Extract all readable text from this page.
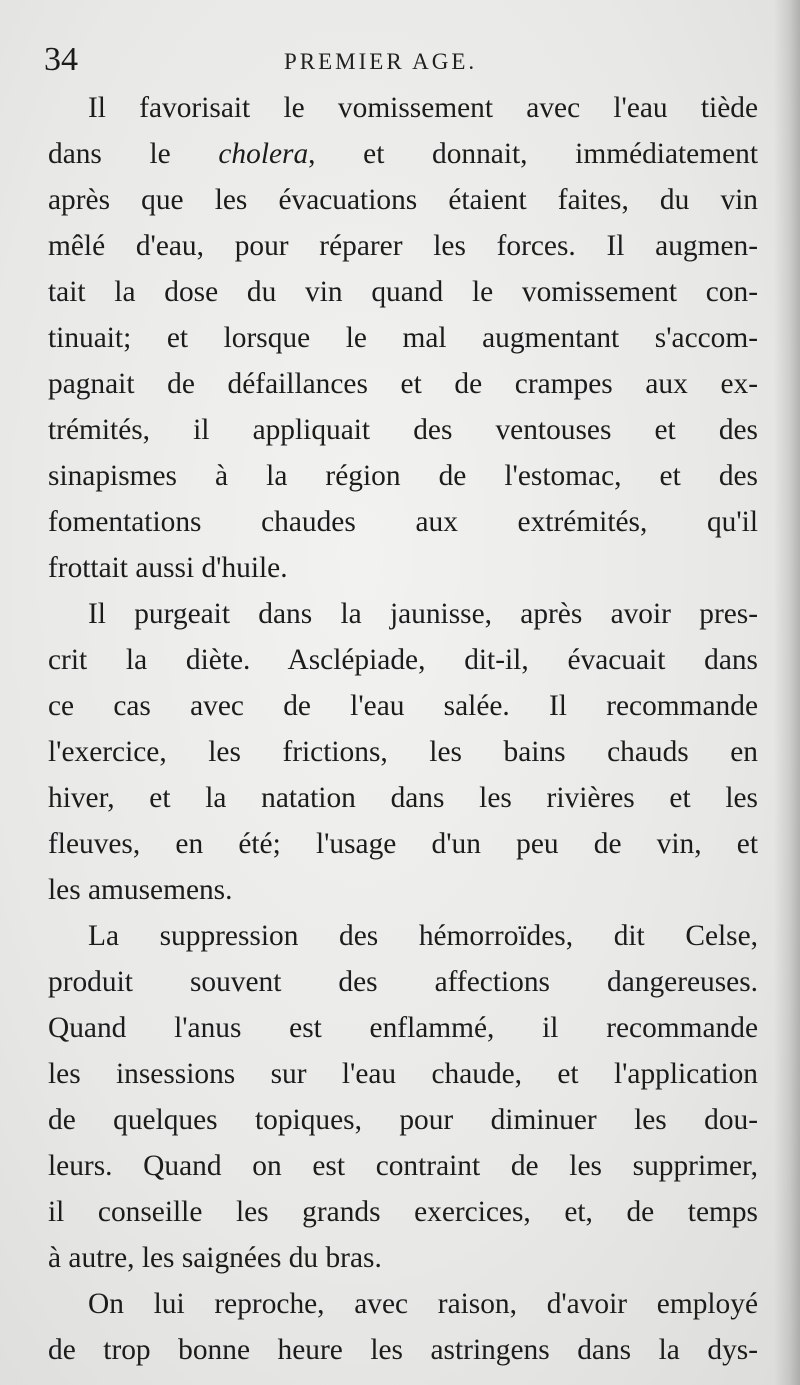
34	PREMIER AGE.
Il favorisait le vomissement avec l'eau tiède
dans le cholera, et donnait, immédiatement
après que les évacuations étaient faites, du vin
mêlé d'eau, pour réparer les forces. Il augmen-
tait la dose du vin quand le vomissement con-
tinuait; et lorsque le mal augmentant s'accom-
pagnait de défaillances et de crampes aux ex-
trémités, il appliquait des ventouses et des
sinapismes à la région de l'estomac, et des
fomentations chaudes aux extrémités, qu'il
frottait aussi d'huile.
Il purgeait dans la jaunisse, après avoir pres-
crit la diète. Asclépiade, dit-il, évacuait dans
ce cas avec de l'eau salée. Il recommande
l'exercice, les frictions, les bains chauds en
hiver, et la natation dans les rivières et les
fleuves, en été; l'usage d'un peu de vin, et
les amusemens.
La suppression des hémorroïdes, dit Celse,
produit souvent des affections dangereuses.
Quand l'anus est enflammé, il recommande
les insessions sur l'eau chaude, et l'application
de quelques topiques, pour diminuer les dou-
leurs. Quand on est contraint de les supprimer,
il conseille les grands exercices, et, de temps
à autre, les saignées du bras.
On lui reproche, avec raison, d'avoir employé
de trop bonne heure les astringens dans la dys-
